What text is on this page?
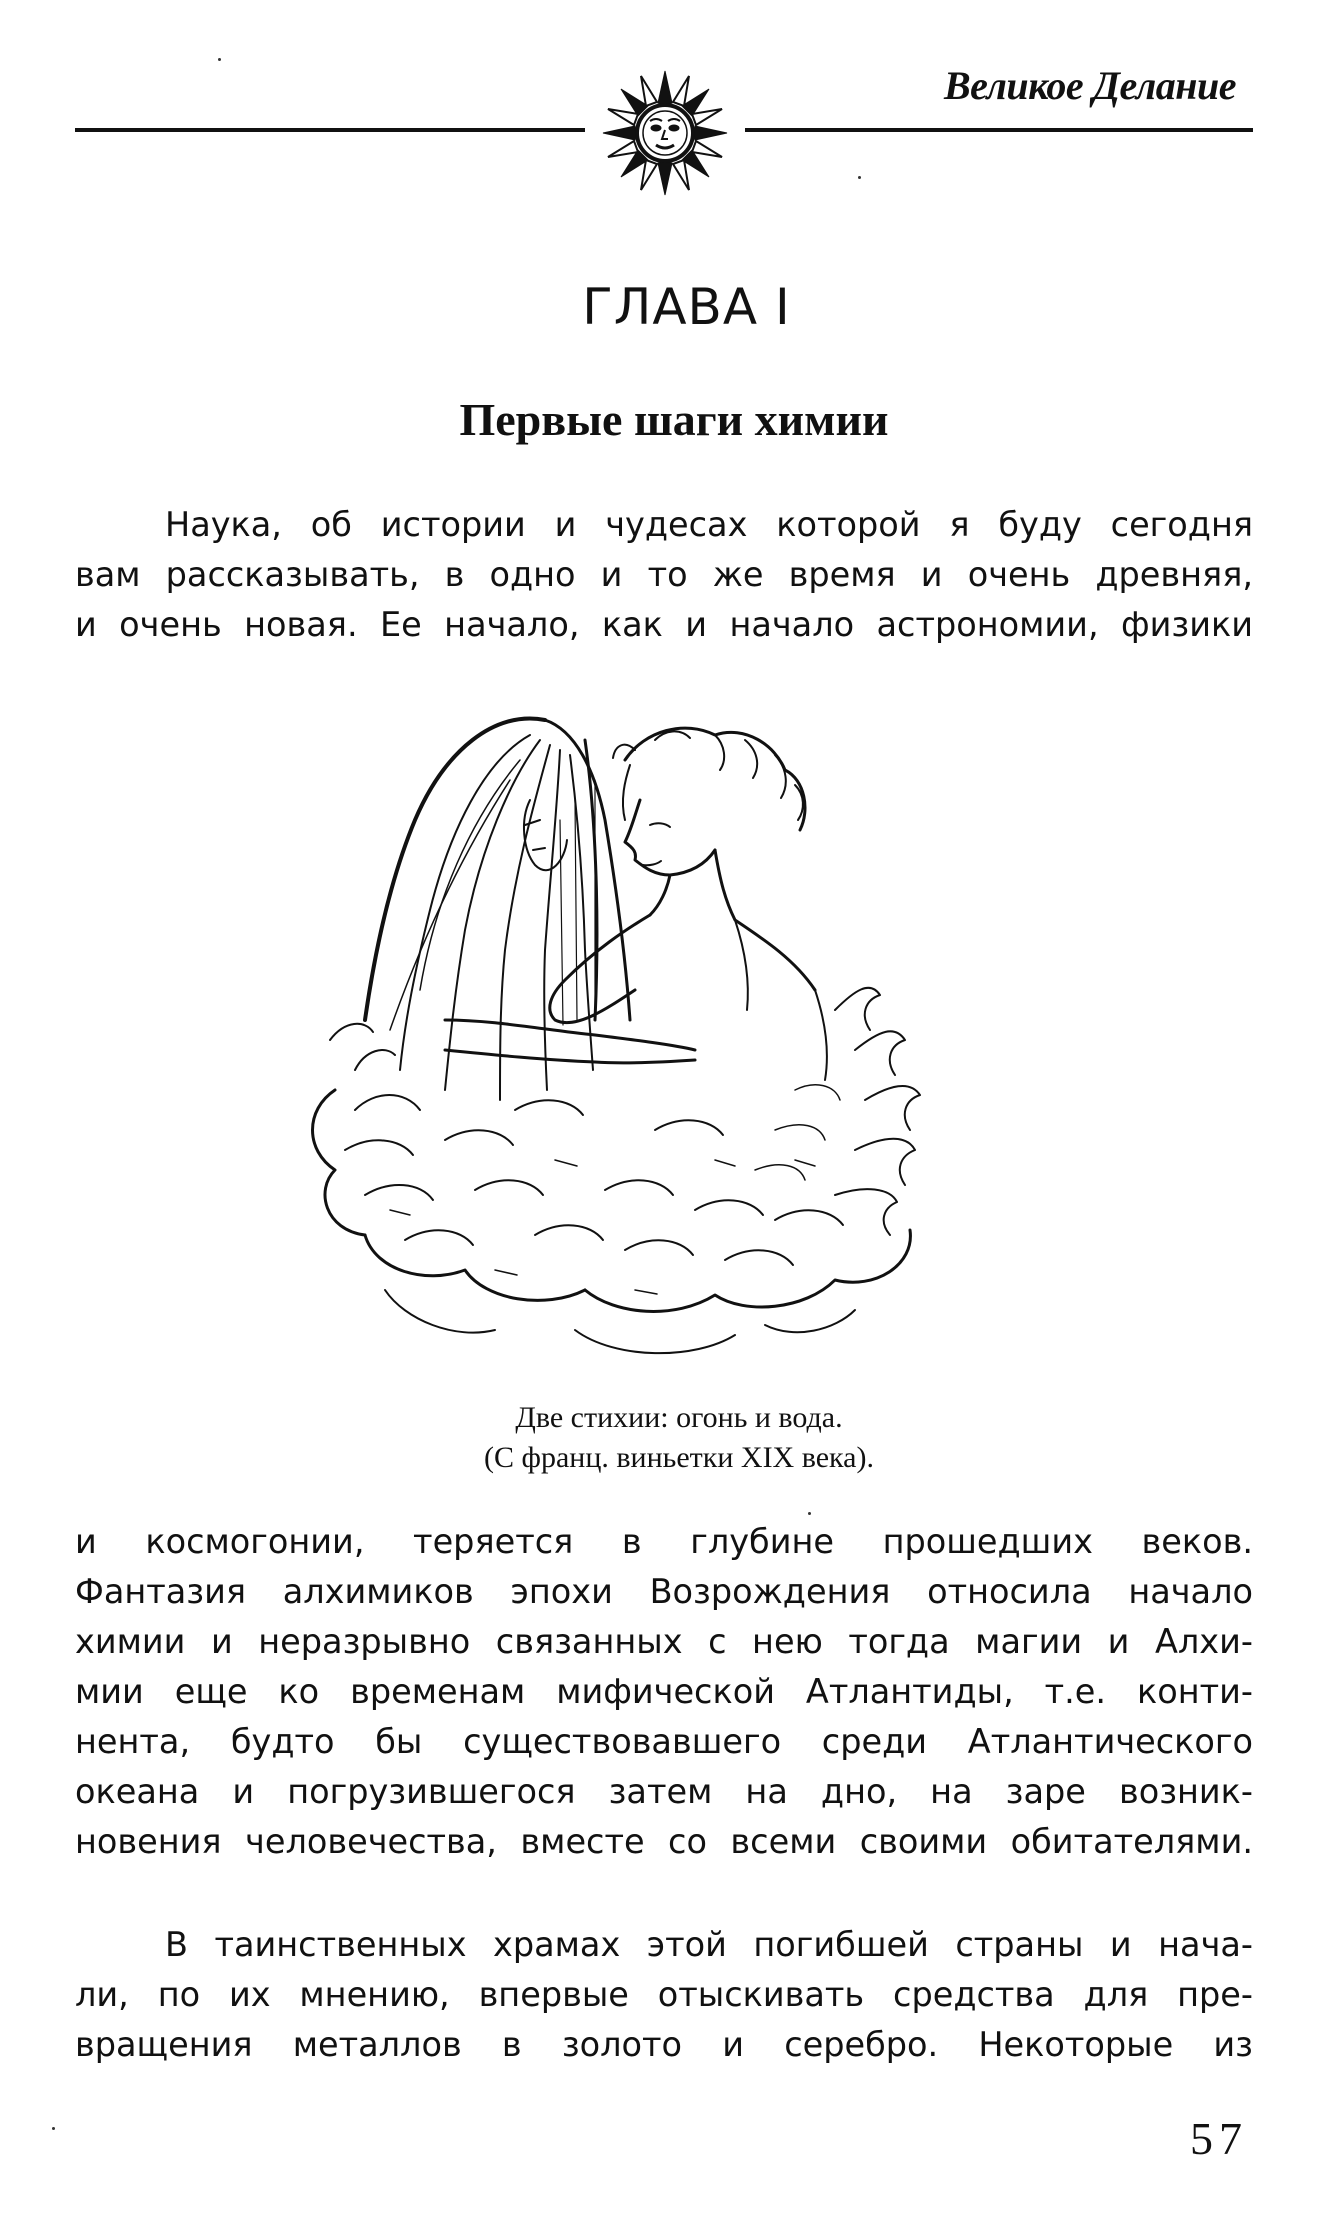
Великое Делание
ГЛАВА I
Первые шаги химии
Наука, об истории и чудесах которой я буду сегодня
вам рассказывать, в одно и то же время и очень древняя,
и очень новая. Ее начало, как и начало астрономии, физики
Две стихии: огонь и вода.
(С франц. виньетки XIX века).
и космогонии, теряется в глубине прошедших веков.
Фантазия алхимиков эпохи Возрождения относила начало
химии и неразрывно связанных с нею тогда магии и Алхи-
мии еще ко временам мифической Атлантиды, т.е. конти-
нента, будто бы существовавшего среди Атлантического
океана и погрузившегося затем на дно, на заре возник-
новения человечества, вместе со всеми своими обитателями.
В таинственных храмах этой погибшей страны и нача-
ли, по их мнению, впервые отыскивать средства для пре-
вращения металлов в золото и серебро. Некоторые из
57
